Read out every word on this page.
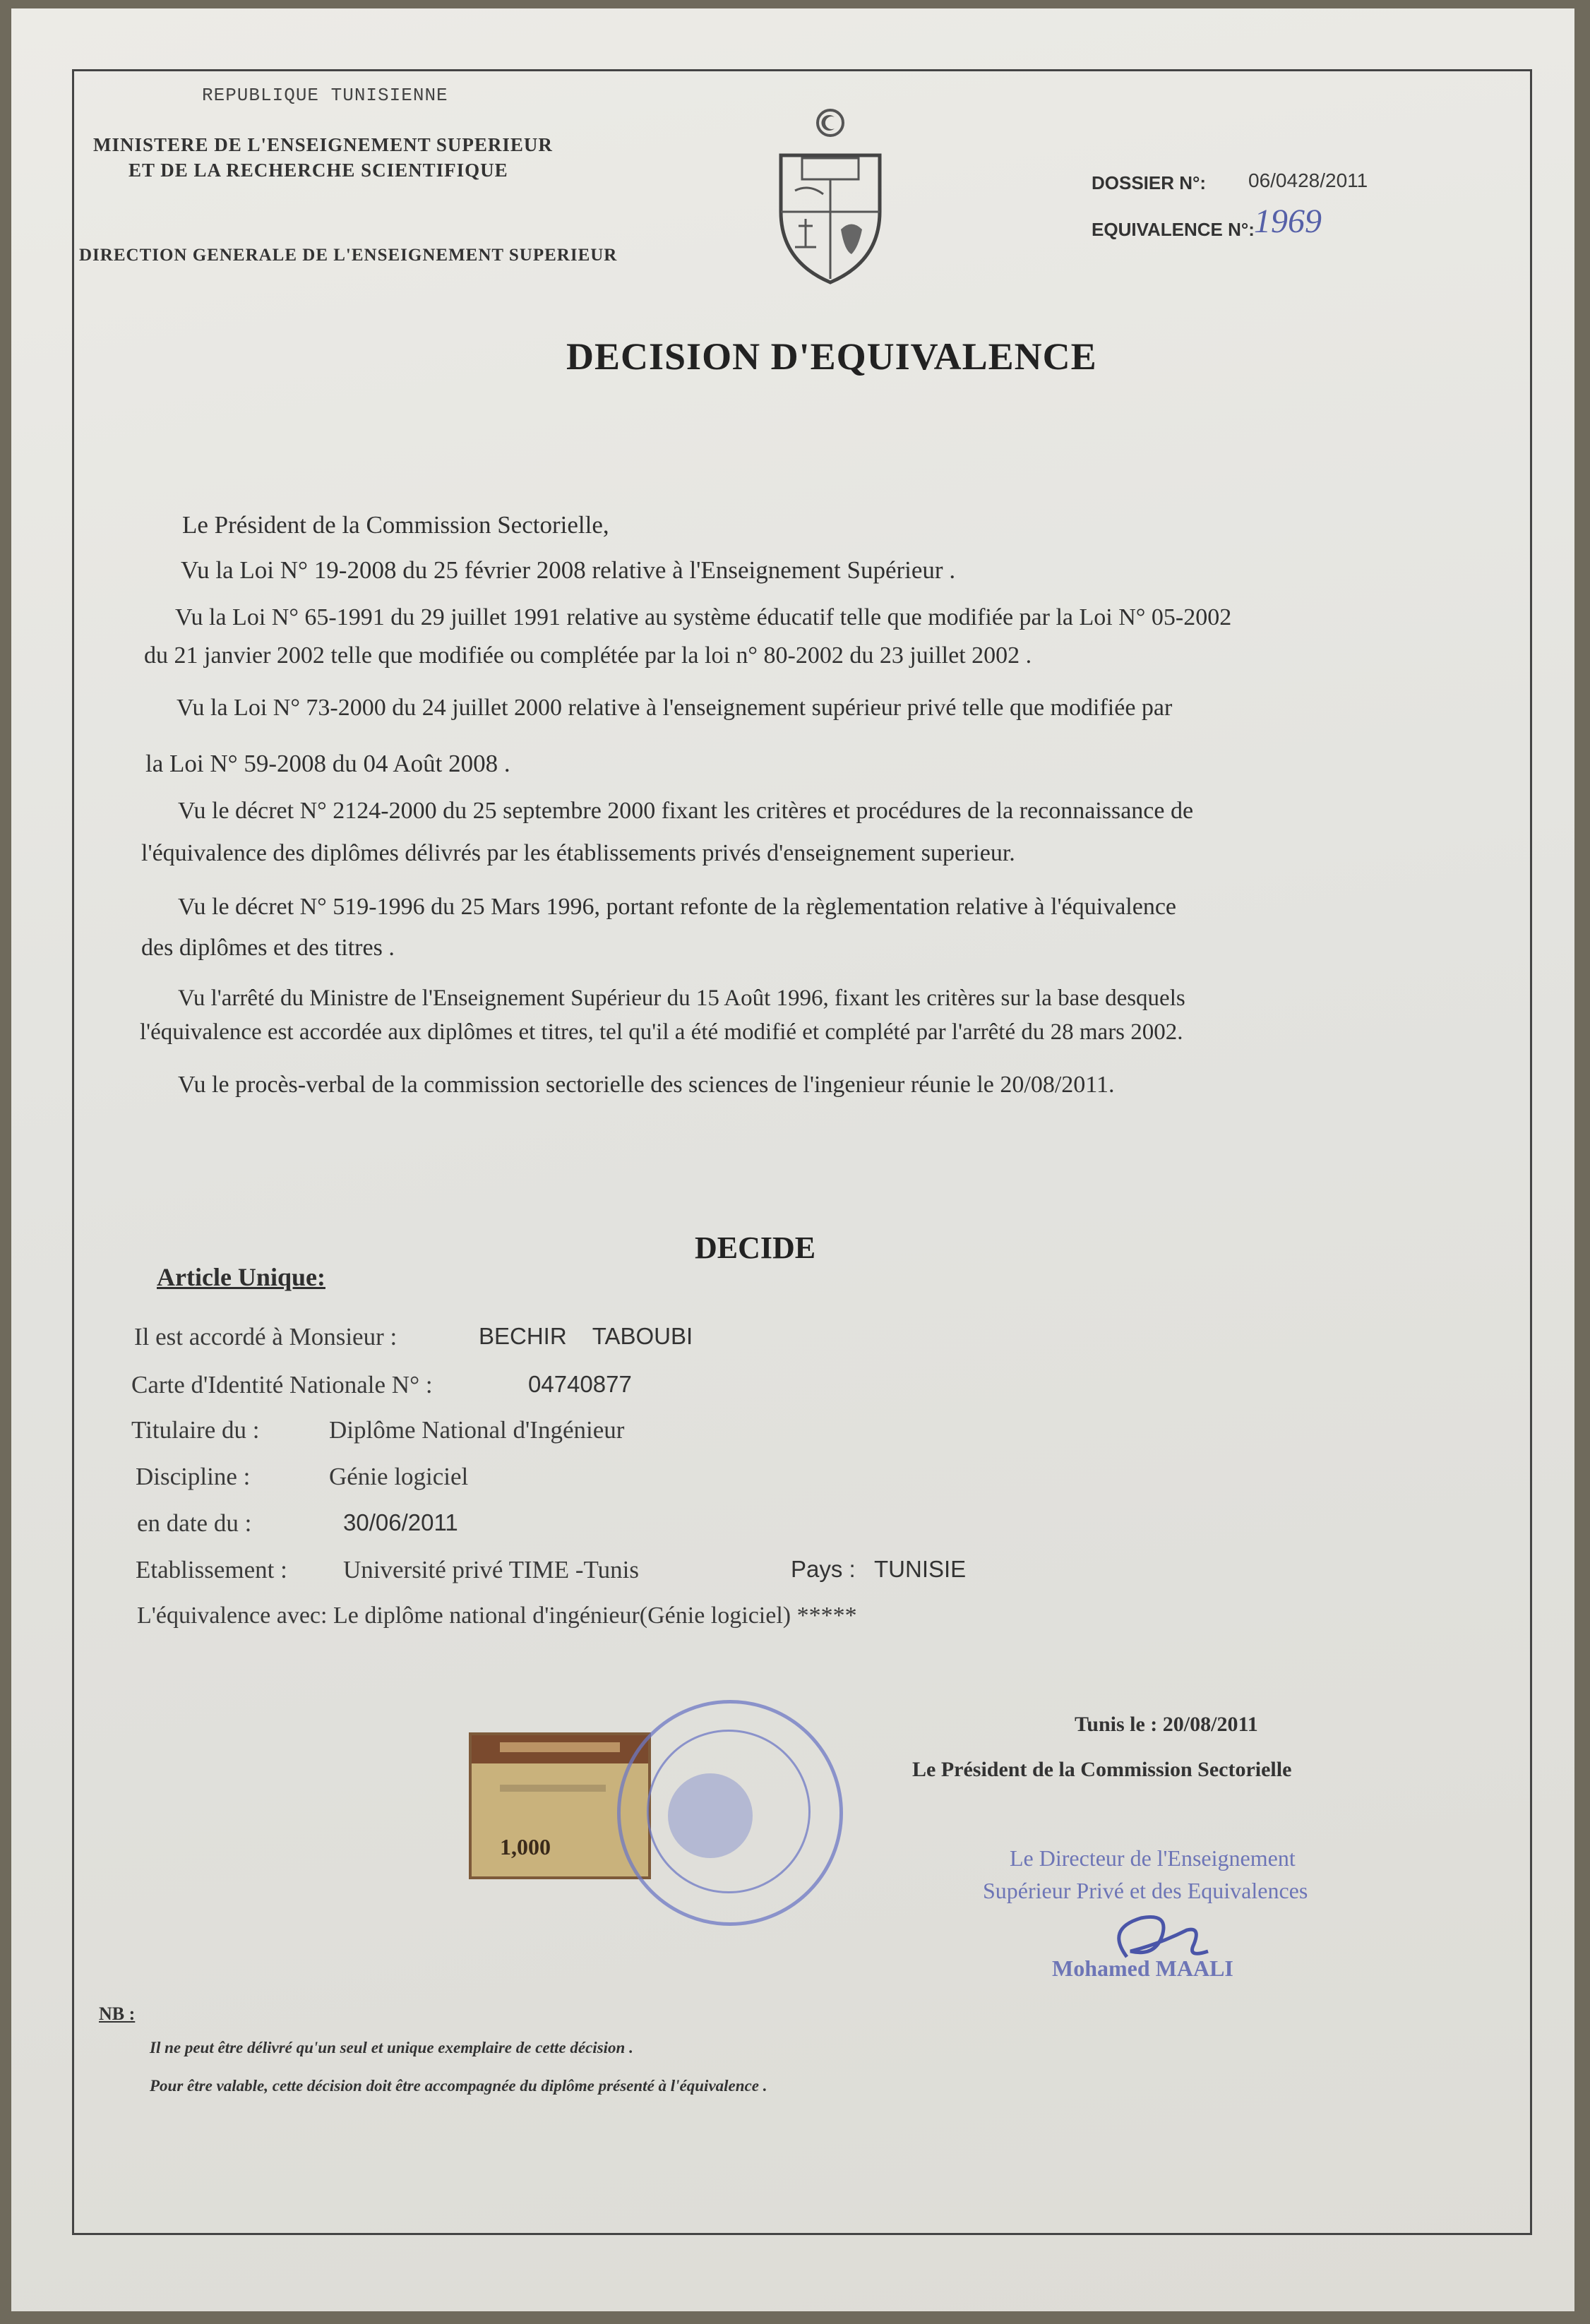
REPUBLIQUE TUNISIENNE
MINISTERE DE L'ENSEIGNEMENT SUPERIEUR
ET DE LA RECHERCHE SCIENTIFIQUE
DIRECTION GENERALE DE L'ENSEIGNEMENT SUPERIEUR
DOSSIER N°: 06/0428/2011
EQUIVALENCE N°: 1969
DECISION D'EQUIVALENCE
Le Président de la Commission Sectorielle,
Vu la Loi N° 19-2008 du 25 février 2008 relative à l'Enseignement Supérieur .
Vu la Loi N° 65-1991 du 29 juillet 1991 relative au système éducatif telle que modifiée par la Loi N° 05-2002
du 21 janvier 2002 telle que modifiée ou complétée par la loi n° 80-2002 du 23 juillet 2002 .
Vu la Loi N° 73-2000 du 24 juillet 2000 relative à l'enseignement supérieur privé telle que modifiée par
la Loi N° 59-2008 du 04 Août 2008 .
Vu le décret N° 2124-2000 du 25 septembre 2000 fixant les critères et procédures de la reconnaissance de
l'équivalence des diplômes délivrés par les établissements privés d'enseignement superieur.
Vu le décret N° 519-1996 du 25 Mars 1996, portant refonte de la règlementation relative à l'équivalence
des diplômes et des titres .
Vu l'arrêté du Ministre de l'Enseignement Supérieur du 15 Août 1996, fixant les critères sur la base desquels
l'équivalence est accordée aux diplômes et titres, tel qu'il a été modifié et complété par l'arrêté du 28 mars 2002.
Vu le procès-verbal de la commission sectorielle des sciences de l'ingenieur réunie le 20/08/2011.
DECIDE
Article Unique:
Il est accordé à Monsieur :	BECHIR    TABOUBI
Carte d'Identité Nationale N° :	04740877
Titulaire du :	Diplôme National d'Ingénieur
Discipline :	Génie logiciel
en date du :	30/06/2011
Etablissement : Université privé TIME -Tunis	Pays : TUNISIE
L'équivalence avec: Le diplôme national d'ingénieur(Génie logiciel) *****
Tunis le : 20/08/2011
Le Président de la Commission Sectorielle
Le Directeur de l'Enseignement
Supérieur Privé et des Equivalences
Mohamed MAALI
1,000
NB :
Il ne peut être délivré qu'un seul et unique exemplaire de cette décision .
Pour être valable, cette décision doit être accompagnée du diplôme présenté à l'équivalence .
